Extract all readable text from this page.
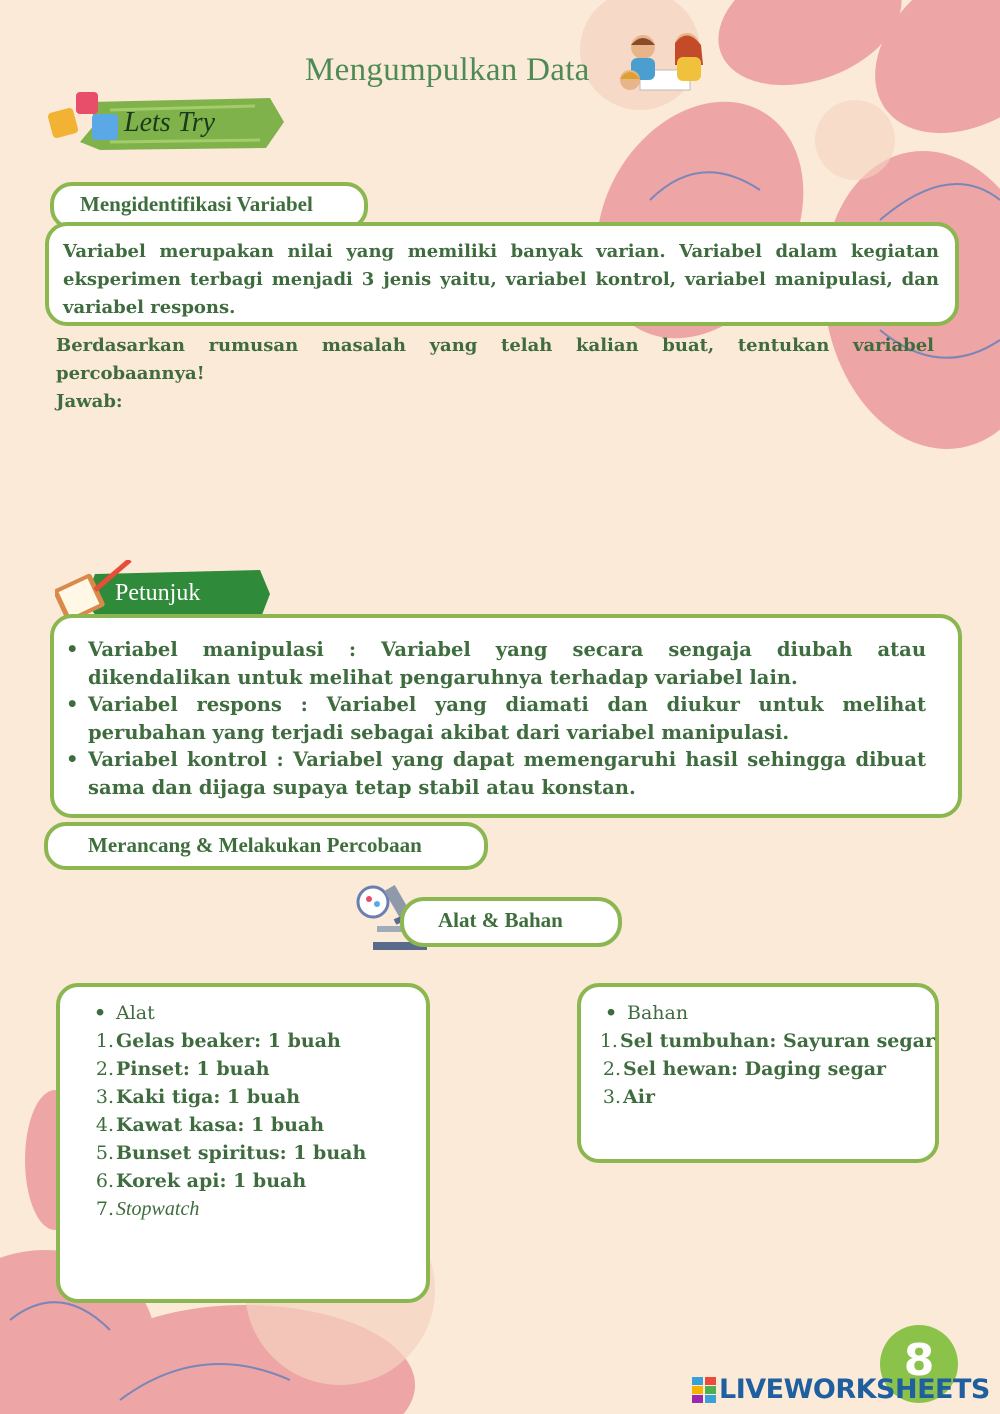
Mengumpulkan Data
Lets Try
Mengidentifikasi Variabel
Variabel merupakan nilai yang memiliki banyak varian. Variabel dalam kegiatan eksperimen terbagi menjadi 3 jenis yaitu, variabel kontrol, variabel manipulasi, dan variabel respons.
Berdasarkan rumusan masalah yang telah kalian buat, tentukan variabel percobaannya!
Jawab:
Petunjuk
• Variabel manipulasi : Variabel yang secara sengaja diubah atau dikendalikan untuk melihat pengaruhnya terhadap variabel lain.
• Variabel respons : Variabel yang diamati dan diukur untuk melihat perubahan yang terjadi sebagai akibat dari variabel manipulasi.
• Variabel kontrol : Variabel yang dapat memengaruhi hasil sehingga dibuat sama dan dijaga supaya tetap stabil atau konstan.
Merancang & Melakukan Percobaan
Alat & Bahan
• Alat
1. Gelas beaker: 1 buah
2. Pinset: 1 buah
3. Kaki tiga: 1 buah
4. Kawat kasa: 1 buah
5. Bunset spiritus: 1 buah
6. Korek api: 1 buah
7. Stopwatch
• Bahan
1. Sel tumbuhan: Sayuran segar
2. Sel hewan: Daging segar
3. Air
8
LIVEWORKSHEETS
